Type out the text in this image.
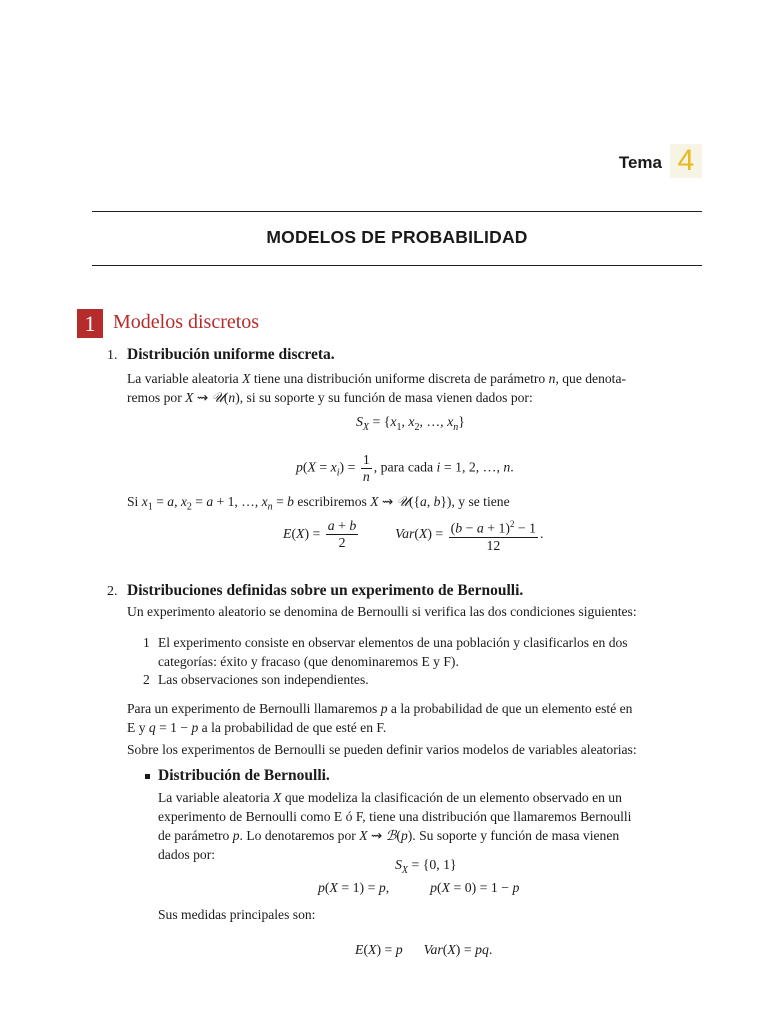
Tema 4
MODELOS DE PROBABILIDAD
1 Modelos discretos
1. Distribución uniforme discreta.
La variable aleatoria X tiene una distribución uniforme discreta de parámetro n, que denota-
remos por X ⇝ 𝒰(n), si su soporte y su función de masa vienen dados por:
$S_X = \{x_1$, $x_2$, …, $x_n$}
$p(X = x_i) = \frac{1}{n}$ , para cada i = 1, 2, …, n.
Si $x_1 = a$, $x_2 = a + 1$, …, $x_n = b$ escribiremos X ⇝ 𝒰({a, b}), y se tiene
$E(X) = \frac{a + b}{2}$	$Var(X) = \frac{(b - a + 1)^2 - 1}{12}$ .
2. Distribuciones definidas sobre un experimento de Bernoulli.
Un experimento aleatorio se denomina de Bernoulli si verifica las dos condiciones siguientes:
1 El experimento consiste en observar elementos de una población y clasificarlos en dos
categorías: éxito y fracaso (que denominaremos E y F).
2 Las observaciones son independientes.
Para un experimento de Bernoulli llamaremos p a la probabilidad de que un elemento esté en
E y q = 1 − p a la probabilidad de que esté en F.
Sobre los experimentos de Bernoulli se pueden definir varios modelos de variables aleatorias:
Distribución de Bernoulli.
La variable aleatoria X que modeliza la clasificación de un elemento observado en un
experimento de Bernoulli como E ó F, tiene una distribución que llamaremos Bernoulli
de parámetro p. Lo denotaremos por X ⇝ ℬ(p). Su soporte y función de masa vienen
dados por:
$S_X = \{0$, 1}
p(X = 1) = p,	p(X = 0) = 1 − p
Sus medidas principales son:
E(X) = p Var(X) = pq.
